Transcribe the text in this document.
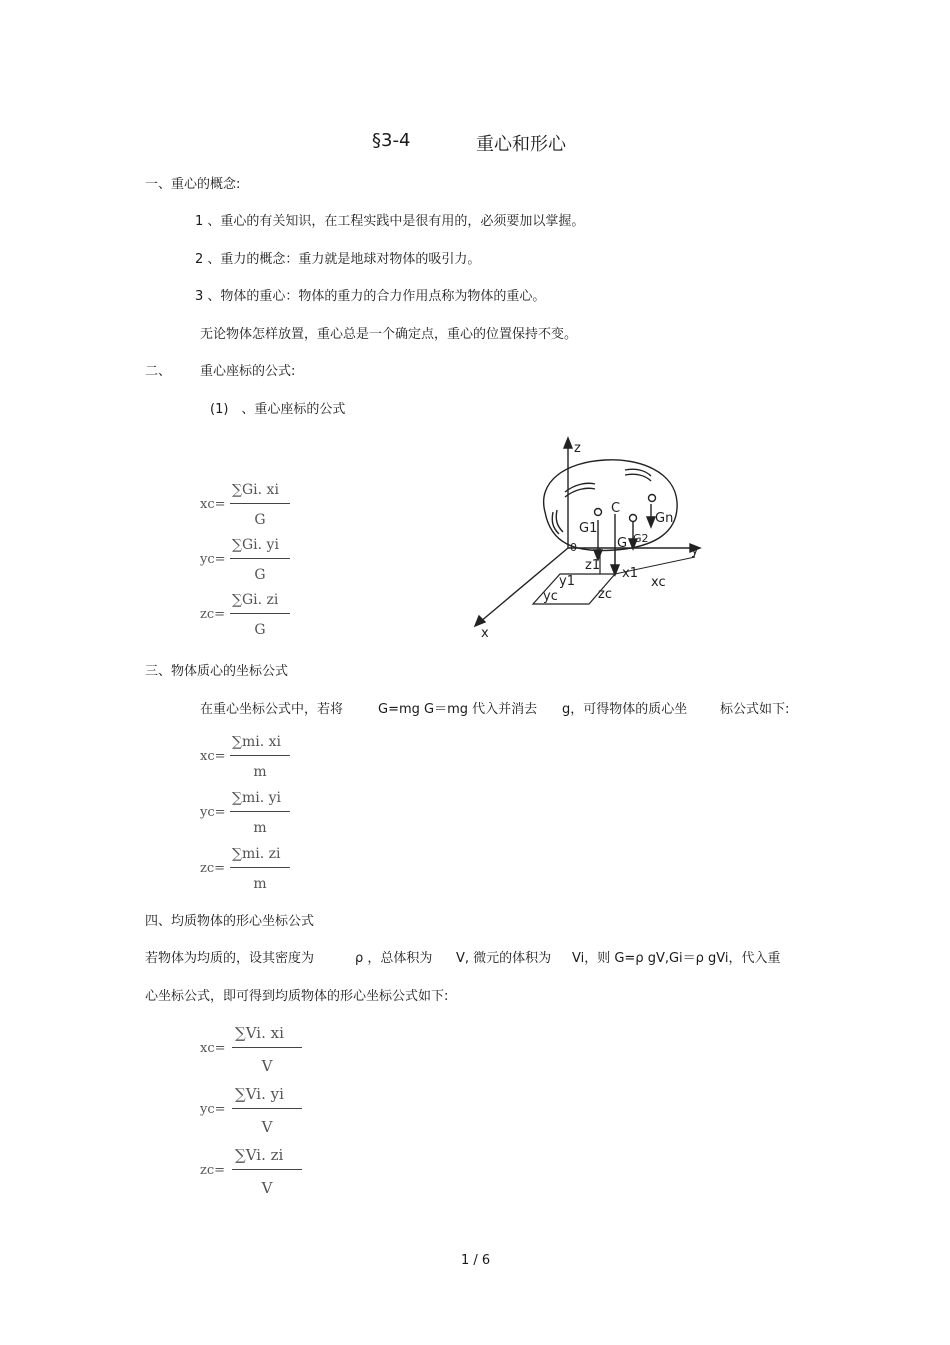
§3-4	重心和形心
一、重心的概念:
1 、重心的有关知识，在工程实践中是很有用的，必须要加以掌握。
2 、重力的概念：重力就是地球对物体的吸引力。
3 、物体的重心：物体的重力的合力作用点称为物体的重心。
无论物体怎样放置，重心总是一个确定点，重心的位置保持不变。
二、 重心座标的公式:
(1)　、重心座标的公式
xc=
∑Gi. xi
G
yc=
∑Gi. yi
G
zc=
∑Gi. zi
G
z
y
x
0
C
G
G1
G2
Gn
y1
yc
z1
zc
x1
xc
三、物体质心的坐标公式
在重心坐标公式中，若将	G=mg G＝mg 代入并消去 g，可得物体的质心坐	标公式如下:
xc=
∑mi. xi
m
yc=
∑mi. yi
m
zc=
∑mi. zi
m
四、均质物体的形心坐标公式
若物体为均质的，设其密度为	ρ ，总体积为 V, 微元的体积为 Vi，则 G=ρ gV,Gi＝ρ gVi，代入重
心坐标公式，即可得到均质物体的形心坐标公式如下:
xc=
∑Vi. xi
V
yc=
∑Vi. yi
V
zc=
∑Vi. zi
V
1 / 6
